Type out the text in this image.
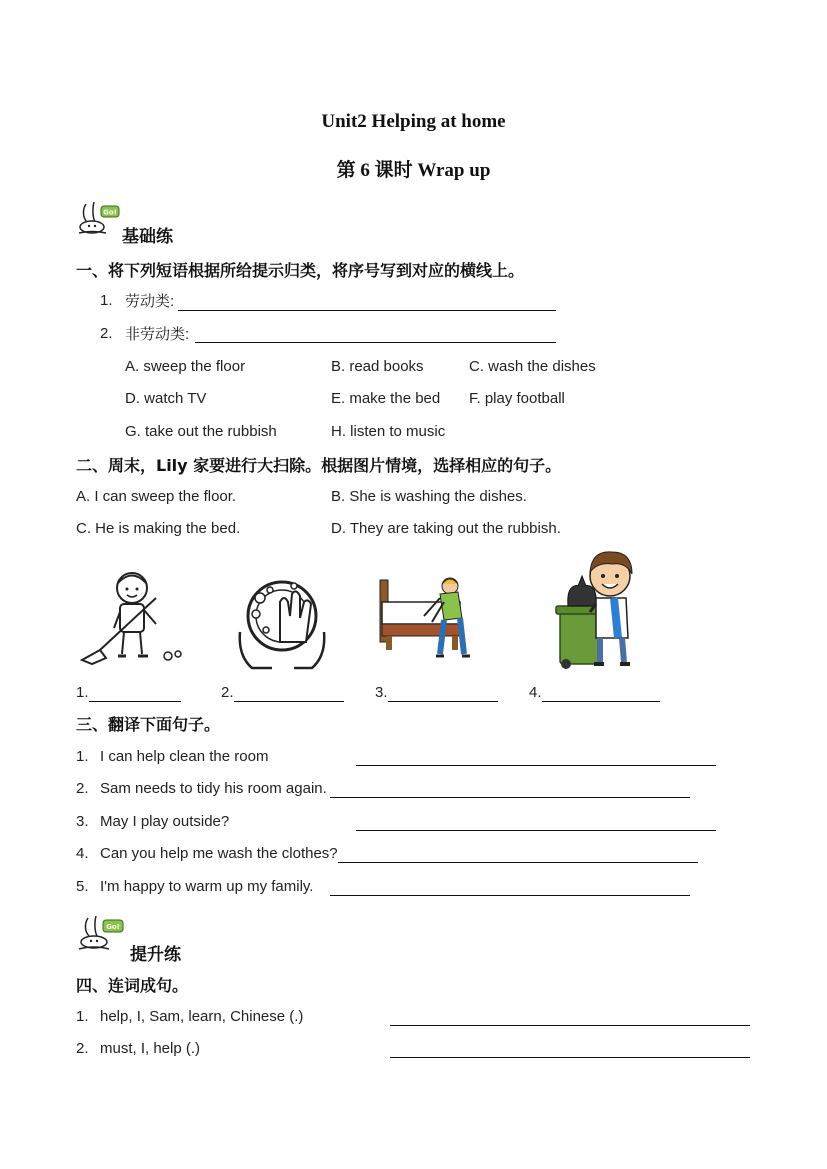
Unit2 Helping at home
第 6 课时 Wrap up
Go!
基础练
一、将下列短语根据所给提示归类，将序号写到对应的横线上。
1. 劳动类:
2. 非劳动类:
A. sweep the floor	B. read books	C. wash the dishes
D. watch TV	E. make the bed F. play football
G. take out the rubbish	H. listen to music
二、周末，Lily 家要进行大扫除。根据图片情境，选择相应的句子。
A. I can sweep the floor.	B. She is washing the dishes.
C. He is making the bed.	D. They are taking out the rubbish.
1.	2.	3.	4.
三、翻译下面句子。
1. I can help clean the room
2. Sam needs to tidy his room again.
3. May I play outside?
4. Can you help me wash the clothes?
5. I'm happy to warm up my family.
Go!
提升练
四、连词成句。
1. help, I, Sam, learn, Chinese (.)
2. must, I, help (.)
